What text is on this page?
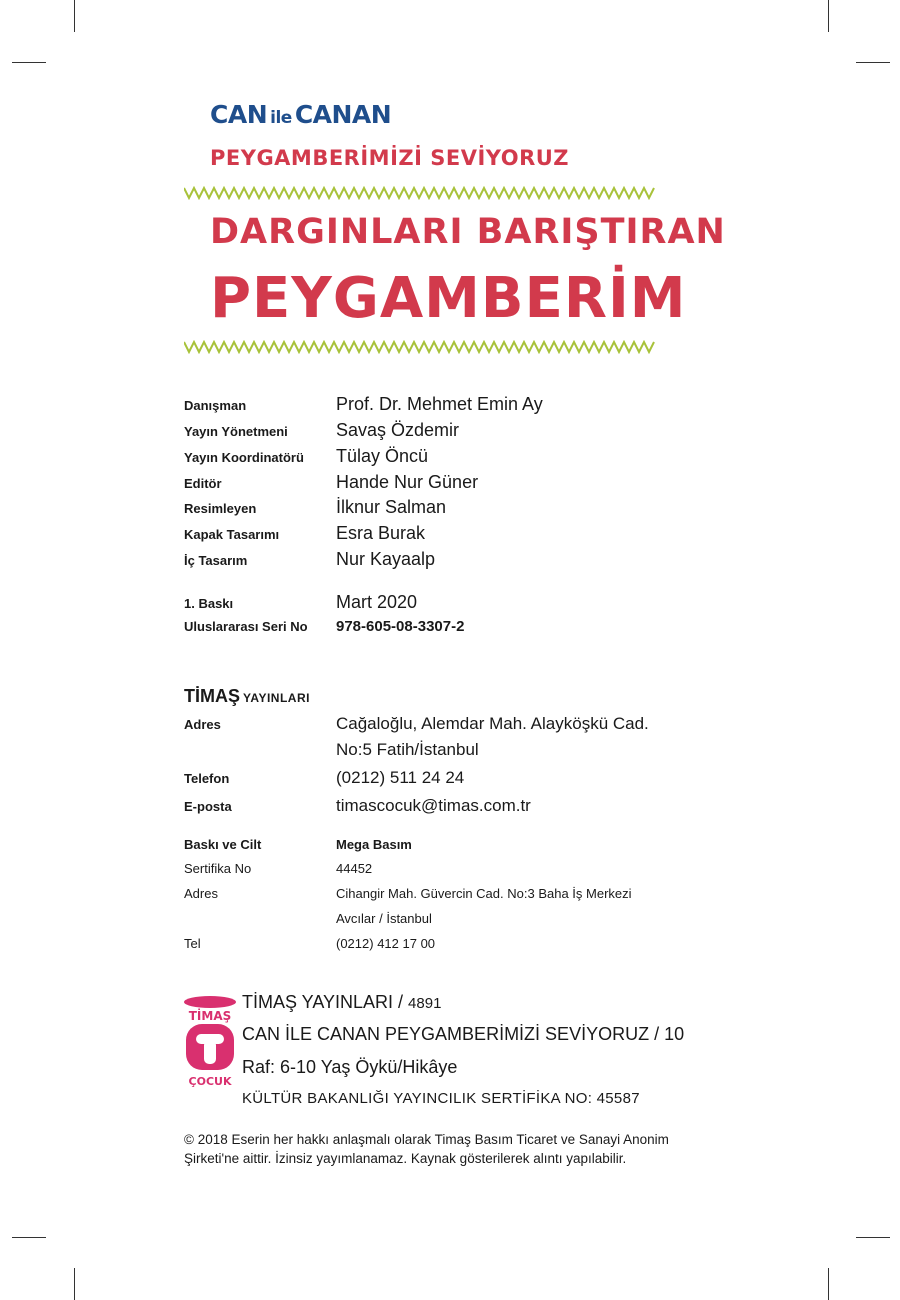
CAN ile CANAN
PEYGAMBERİMİZİ SEVİYORUZ
DARGINLARI BARIŞTIRAN
PEYGAMBERİM
Danışman	Prof. Dr. Mehmet Emin Ay
Yayın Yönetmeni	Savaş Özdemir
Yayın Koordinatörü	Tülay Öncü
Editör	Hande Nur Güner
Resimleyen	İlknur Salman
Kapak Tasarımı	Esra Burak
İç Tasarım	Nur Kayaalp
1. Baskı	Mart 2020
Uluslararası Seri No	978-605-08-3307-2
TİMAŞ YAYINLARI
Adres	Cağaloğlu, Alemdar Mah. Alayköşkü Cad.
No:5 Fatih/İstanbul
Telefon	(0212) 511 24 24
E-posta	timascocuk@timas.com.tr
Baskı ve Cilt	Mega Basım
Sertifika No	44452
Adres	Cihangir Mah. Güvercin Cad. No:3 Baha İş Merkezi
Avcılar / İstanbul
Tel	(0212) 412 17 00
TİMAŞ
ÇOCUK
TİMAŞ YAYINLARI / 4891
CAN İLE CANAN PEYGAMBERİMİZİ SEVİYORUZ / 10
Raf: 6-10 Yaş Öykü/Hikâye
KÜLTÜR BAKANLIĞI YAYINCILIK SERTİFİKA NO: 45587

© 2018 Eserin her hakkı anlaşmalı olarak Timaş Basım Ticaret ve Sanayi Anonim
Şirketi'ne aittir. İzinsiz yayımlanamaz. Kaynak gösterilerek alıntı yapılabilir.
